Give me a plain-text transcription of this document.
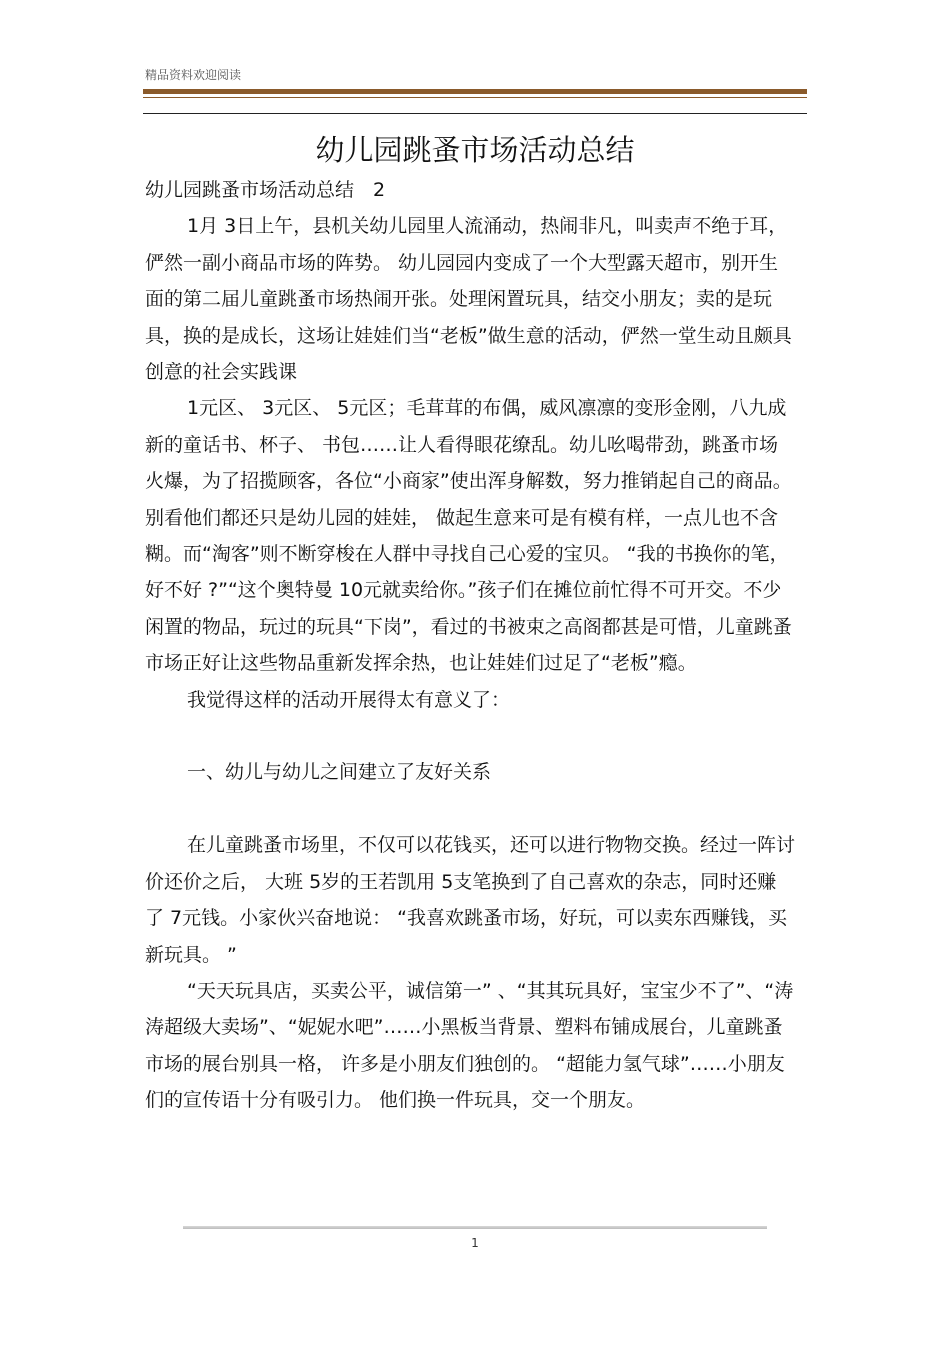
精品资料欢迎阅读
幼儿园跳蚤市场活动总结

幼儿园跳蚤市场活动总结　2

1月 3日上午，县机关幼儿园里人流涌动，热闹非凡，叫卖声不绝于耳，俨然一副小商品市场的阵势。 幼儿园园内变成了一个大型露天超市，别开生面的第二届儿童跳蚤市场热闹开张。处理闲置玩具，结交小朋友；卖的是玩具，换的是成长，这场让娃娃们当“老板”做生意的活动，俨然一堂生动且颇具创意的社会实践课

1元区、 3元区、 5元区；毛茸茸的布偶，威风凛凛的变形金刚，八九成新的童话书、杯子、 书包……让人看得眼花缭乱。幼儿吆喝带劲，跳蚤市场火爆，为了招揽顾客，各位“小商家”使出浑身解数，努力推销起自己的商品。 别看他们都还只是幼儿园的娃娃， 做起生意来可是有模有样，一点儿也不含糊。而“淘客”则不断穿梭在人群中寻找自己心爱的宝贝。 “我的书换你的笔，好不好 ?”“这个奥特曼 10元就卖给你。”孩子们在摊位前忙得不可开交。不少闲置的物品，玩过的玩具“下岗”，看过的书被束之高阁都甚是可惜，儿童跳蚤市场正好让这些物品重新发挥余热，也让娃娃们过足了“老板”瘾。

我觉得这样的活动开展得太有意义了：

一、幼儿与幼儿之间建立了友好关系

在儿童跳蚤市场里，不仅可以花钱买，还可以进行物物交换。经过一阵讨价还价之后， 大班 5岁的王若凯用 5支笔换到了自己喜欢的杂志，同时还赚了 7元钱。小家伙兴奋地说： “我喜欢跳蚤市场，好玩，可以卖东西赚钱，买新玩具。 ”

“天天玩具店，买卖公平，诚信第一” 、“其其玩具好，宝宝少不了”、“涛涛超级大卖场”、“妮妮水吧”……小黑板当背景、塑料布铺成展台，儿童跳蚤市场的展台别具一格， 许多是小朋友们独创的。 “超能力氢气球”……小朋友们的宣传语十分有吸引力。 他们换一件玩具，交一个朋友。

1
